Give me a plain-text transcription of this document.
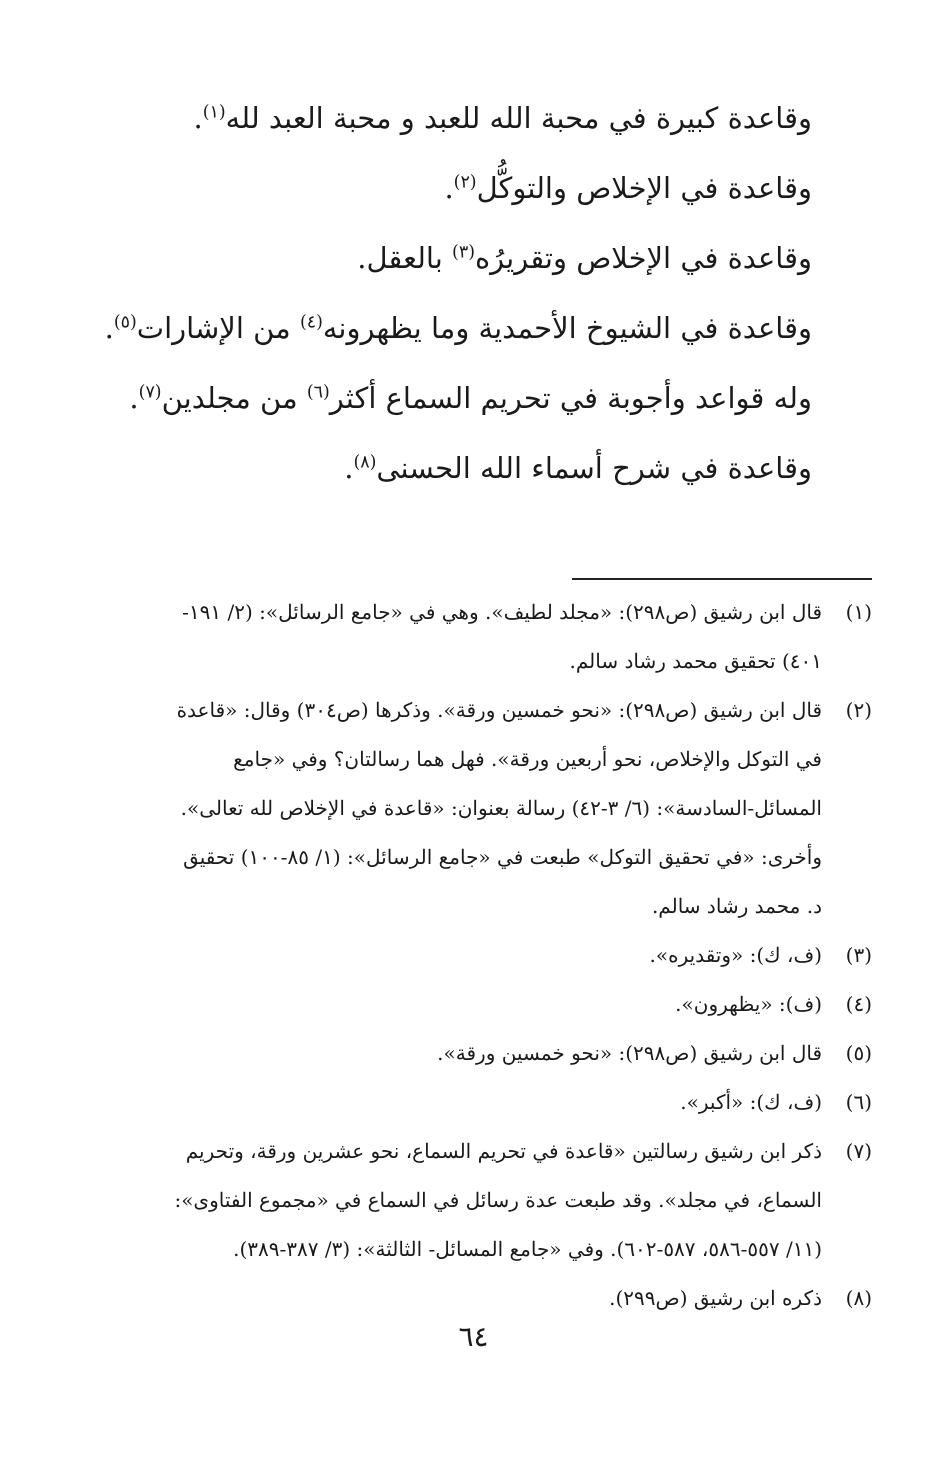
وقاعدة كبيرة في محبة الله للعبد و محبة العبد لله$^{(١)}$.
وقاعدة في الإخلاص والتوكُّل$^{(٢)}$.
وقاعدة في الإخلاص وتقريرُه$^{(٣)}$ بالعقل.
وقاعدة في الشيوخ الأحمدية وما يظهرونه$^{(٤)}$ من الإشارات$^{(٥)}$.
وله قواعد وأجوبة في تحريم السماع أكثر$^{(٦)}$ من مجلدين$^{(٧)}$.
وقاعدة في شرح أسماء الله الحسنى$^{(٨)}$.
(١)
قال ابن رشيق (ص٢٩٨): «مجلد لطيف». وهي في «جامع الرسائل»: (٢/ ١٩١-
٤٠١) تحقيق محمد رشاد سالم.
(٢)
قال ابن رشيق (ص٢٩٨): «نحو خمسين ورقة». وذكرها (ص٣٠٤) وقال: «قاعدة
في التوكل والإخلاص، نحو أربعين ورقة». فهل هما رسالتان؟ وفي «جامع
المسائل-السادسة»: (٦/ ٣-٤٢) رسالة بعنوان: «قاعدة في الإخلاص لله تعالى».
وأخرى: «في تحقيق التوكل» طبعت في «جامع الرسائل»: (١/ ٨٥-١٠٠) تحقيق
د. محمد رشاد سالم.
(٣)
(ف، ك): «وتقديره».
(٤)
(ف): «يظهرون».
(٥)
قال ابن رشيق (ص٢٩٨): «نحو خمسين ورقة».
(٦)
(ف، ك): «أكبر».
(٧)
ذكر ابن رشيق رسالتين «قاعدة في تحريم السماع، نحو عشرين ورقة، وتحريم
السماع، في مجلد». وقد طبعت عدة رسائل في السماع في «مجموع الفتاوى»:
(١١/ ٥٥٧-٥٨٦، ٥٨٧-٦٠٢). وفي «جامع المسائل- الثالثة»: (٣/ ٣٨٧-٣٨٩).
(٨)
ذكره ابن رشيق (ص٢٩٩).
٦٤
